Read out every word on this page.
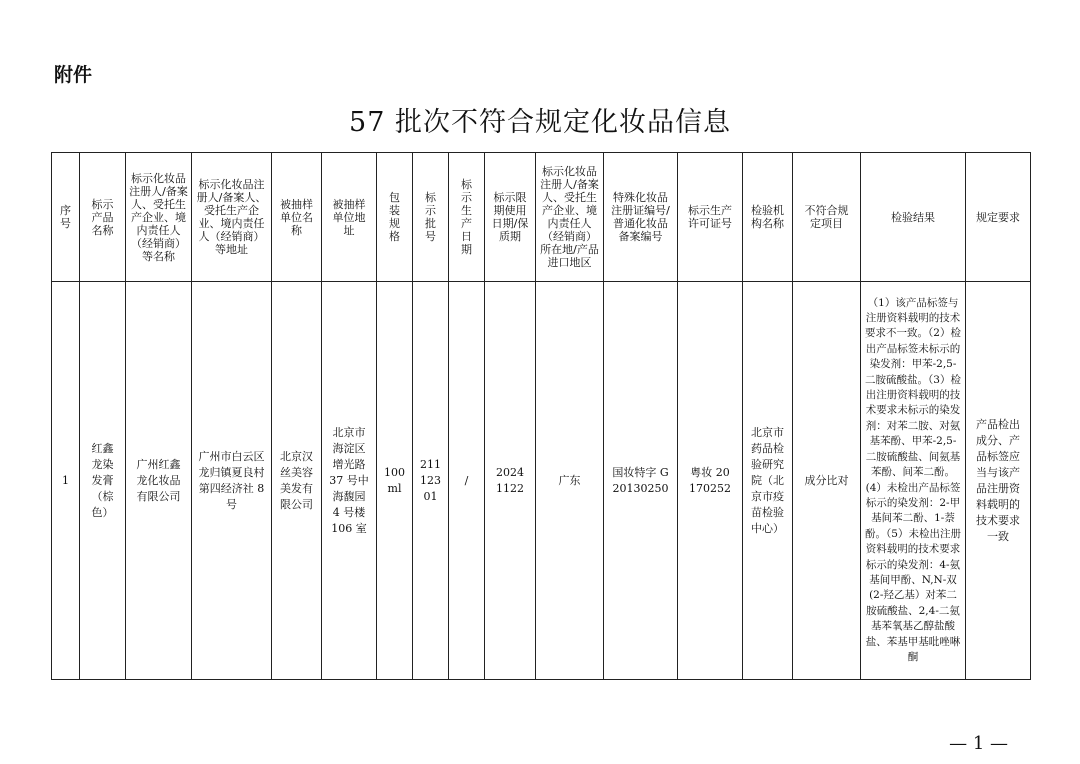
附件
57 批次不符合规定化妆品信息
序号	标示产品名称	标示化妆品注册人/备案人、受托生产企业、境内责任人（经销商）等名称	标示化妆品注册人/备案人、受托生产企业、境内责任人（经销商）等地址	被抽样单位名称	被抽样单位地址	包装规格	标示批号	标示生产日期	标示限期使用日期/保质期	标示化妆品注册人/备案人、受托生产企业、境内责任人（经销商）所在地/产品进口地区	特殊化妆品注册证编号/普通化妆品备案编号	标示生产许可证号	检验机构名称	不符合规定项目	检验结果	规定要求
1	红鑫龙染发膏（棕色）	广州红鑫龙化妆品有限公司	广州市白云区龙归镇夏良村第四经济社 8 号	北京汉丝美容美发有限公司	北京市海淀区增光路 37 号中海馥园 4 号楼 106 室	100 ml	21112301	/	20241122	广东	国妆特字 G20130250	粤妆 20170252	北京市药品检验研究院（北京市疫苗检验中心）	成分比对	（1）该产品标签与注册资料载明的技术要求不一致。（2）检出产品标签未标示的染发剂：甲苯-2,5-二胺硫酸盐。（3）检出注册资料载明的技术要求未标示的染发剂：对苯二胺、对氨基苯酚、甲苯-2,5-二胺硫酸盐、间氨基苯酚、间苯二酚。(4）未检出产品标签标示的染发剂：2-甲基间苯二酚、1-萘酚。（5）未检出注册资料载明的技术要求标示的染发剂：4-氨基间甲酚、N,N-双(2-羟乙基）对苯二胺硫酸盐、2,4-二氨基苯氧基乙醇盐酸盐、苯基甲基吡唑啉酮	产品检出成分、产品标签应当与该产品注册资料载明的技术要求一致
— 1 —
